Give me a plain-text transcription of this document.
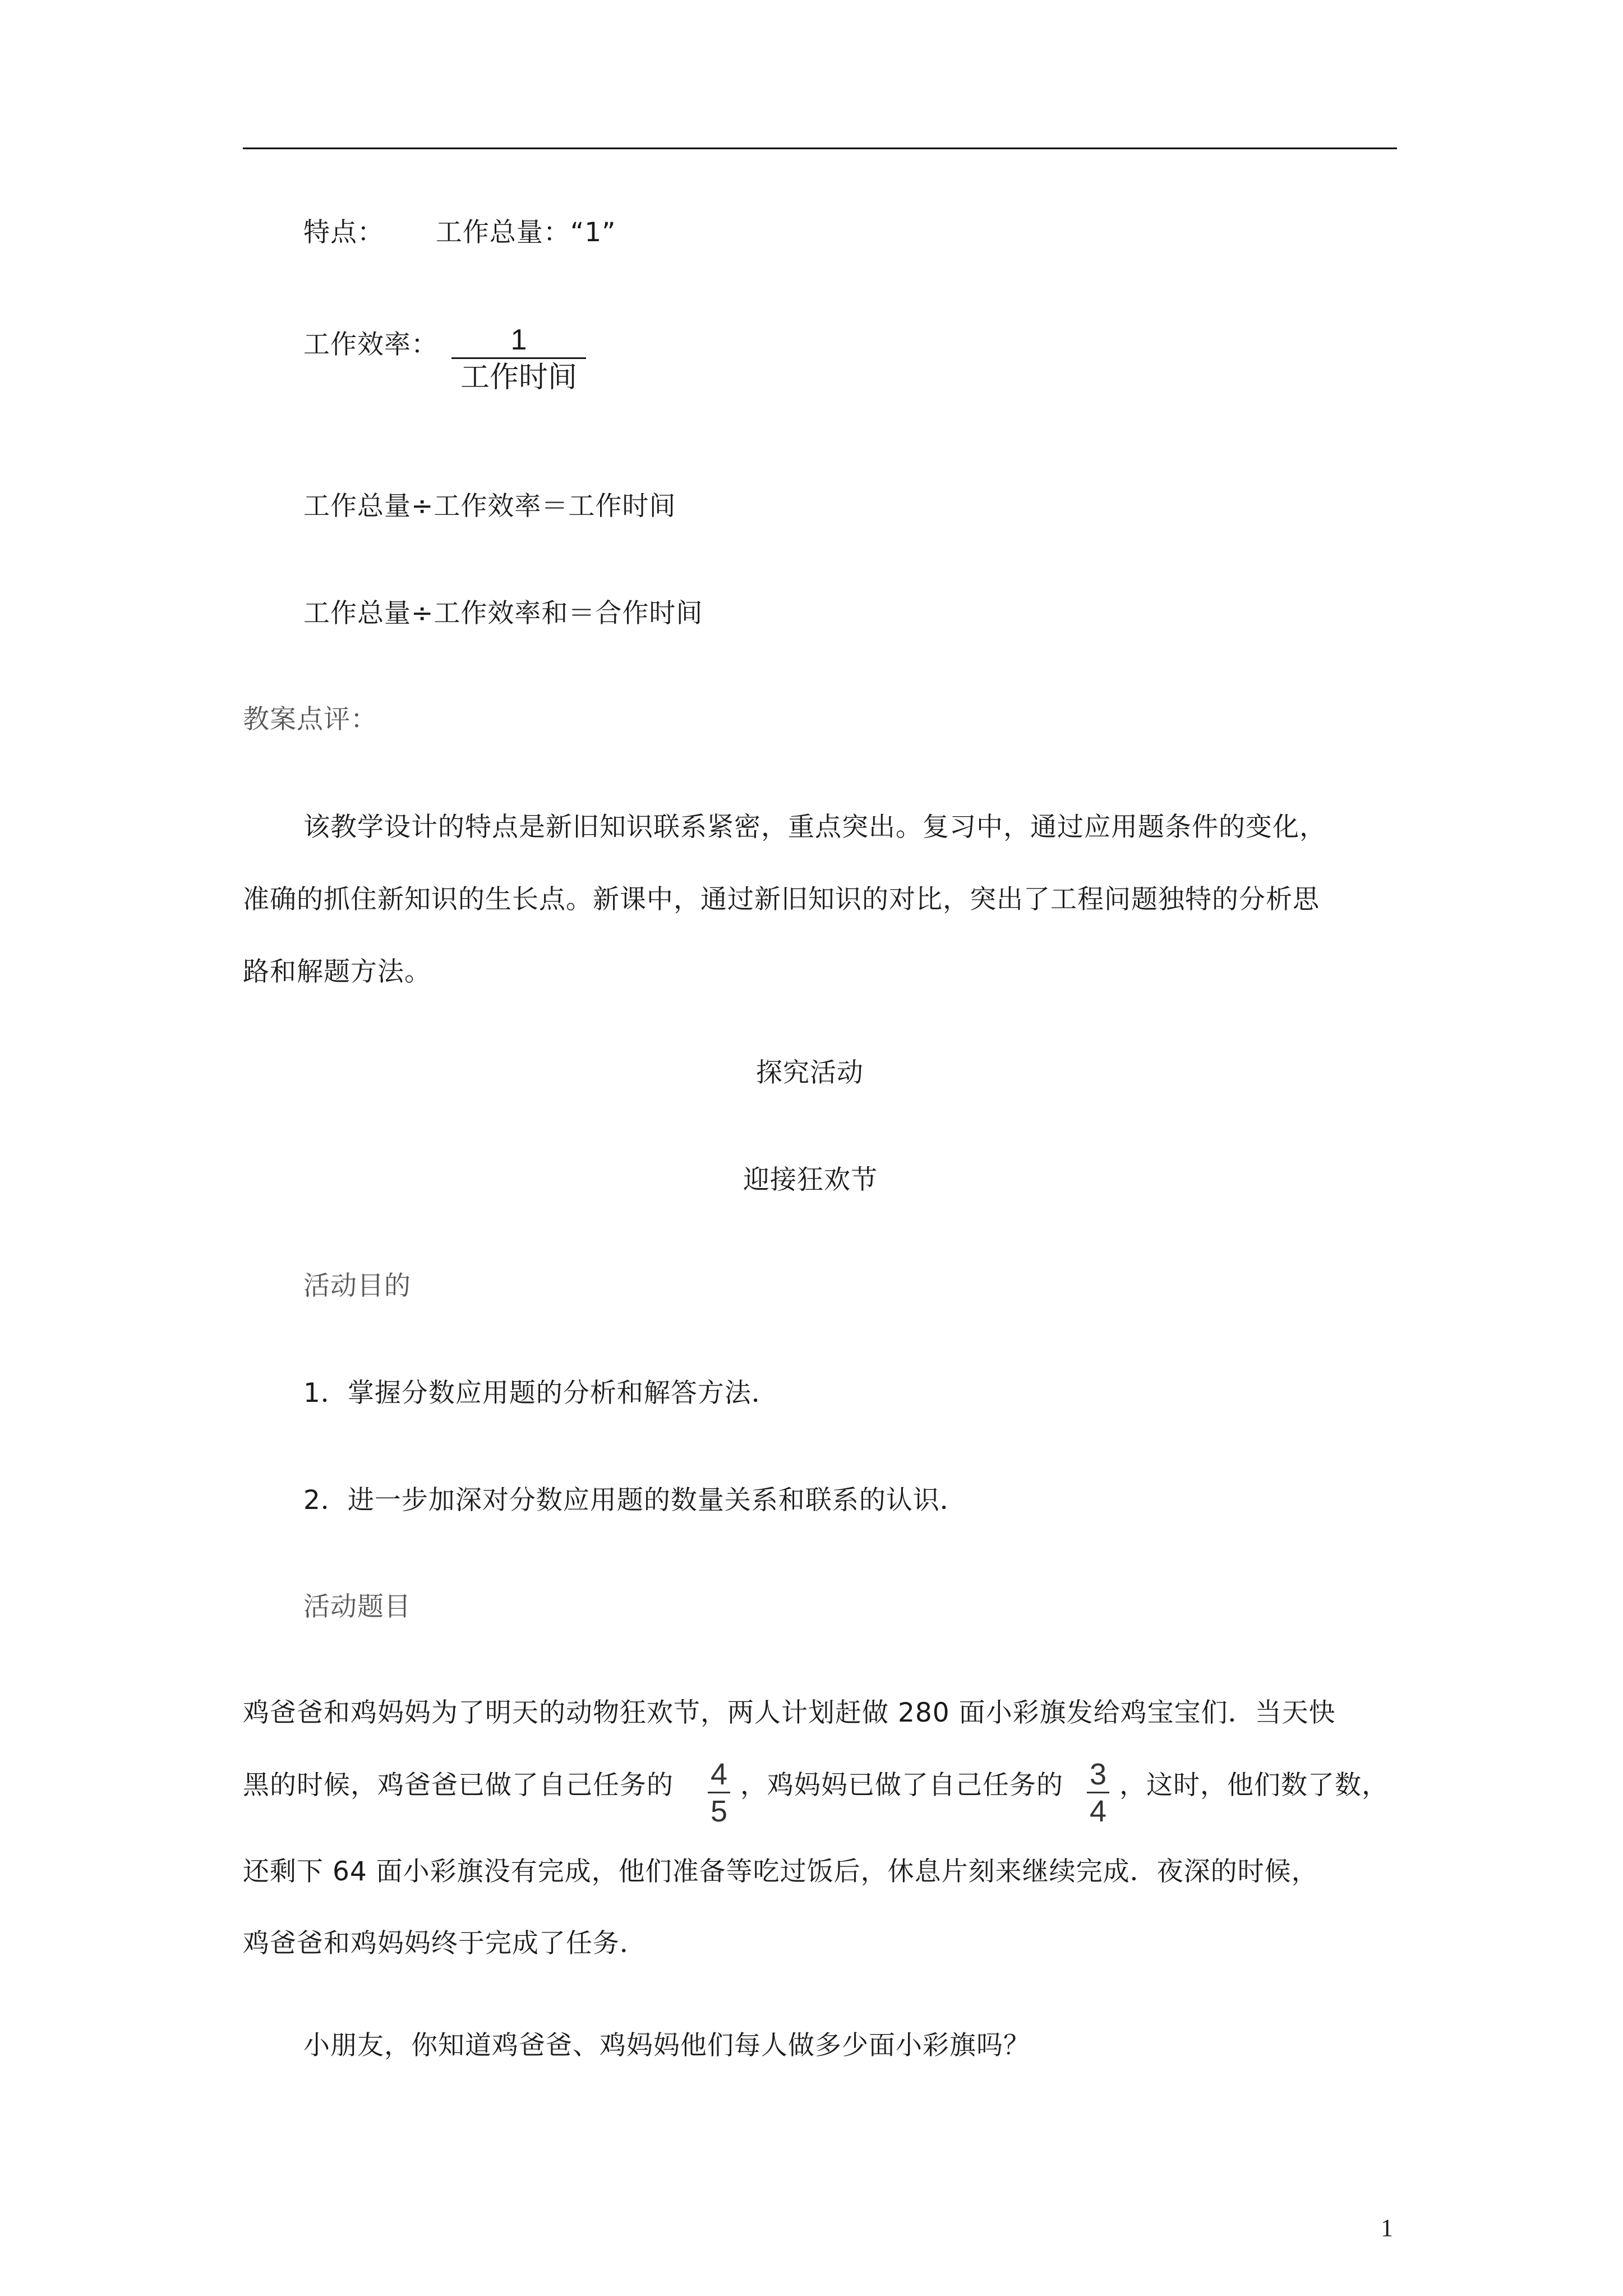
特点： 工作总量：“1”
工作效率：	1
工作时间
工作总量÷工作效率＝工作时间
工作总量÷工作效率和＝合作时间
教案点评：
该教学设计的特点是新旧知识联系紧密，重点突出。复习中，通过应用题条件的变化，
准确的抓住新知识的生长点。新课中，通过新旧知识的对比，突出了工程问题独特的分析思
路和解题方法。
探究活动
迎接狂欢节
活动目的
1．掌握分数应用题的分析和解答方法．
2．进一步加深对分数应用题的数量关系和联系的认识．
活动题目
鸡爸爸和鸡妈妈为了明天的动物狂欢节，两人计划赶做 280 面小彩旗发给鸡宝宝们．当天快
黑的时候，鸡爸爸已做了自己任务的 4
5
，鸡妈妈已做了自己任务的 3
4
，这时，他们数了数，
还剩下 64 面小彩旗没有完成，他们准备等吃过饭后，休息片刻来继续完成．夜深的时候，
鸡爸爸和鸡妈妈终于完成了任务．
小朋友，你知道鸡爸爸、鸡妈妈他们每人做多少面小彩旗吗？
1
